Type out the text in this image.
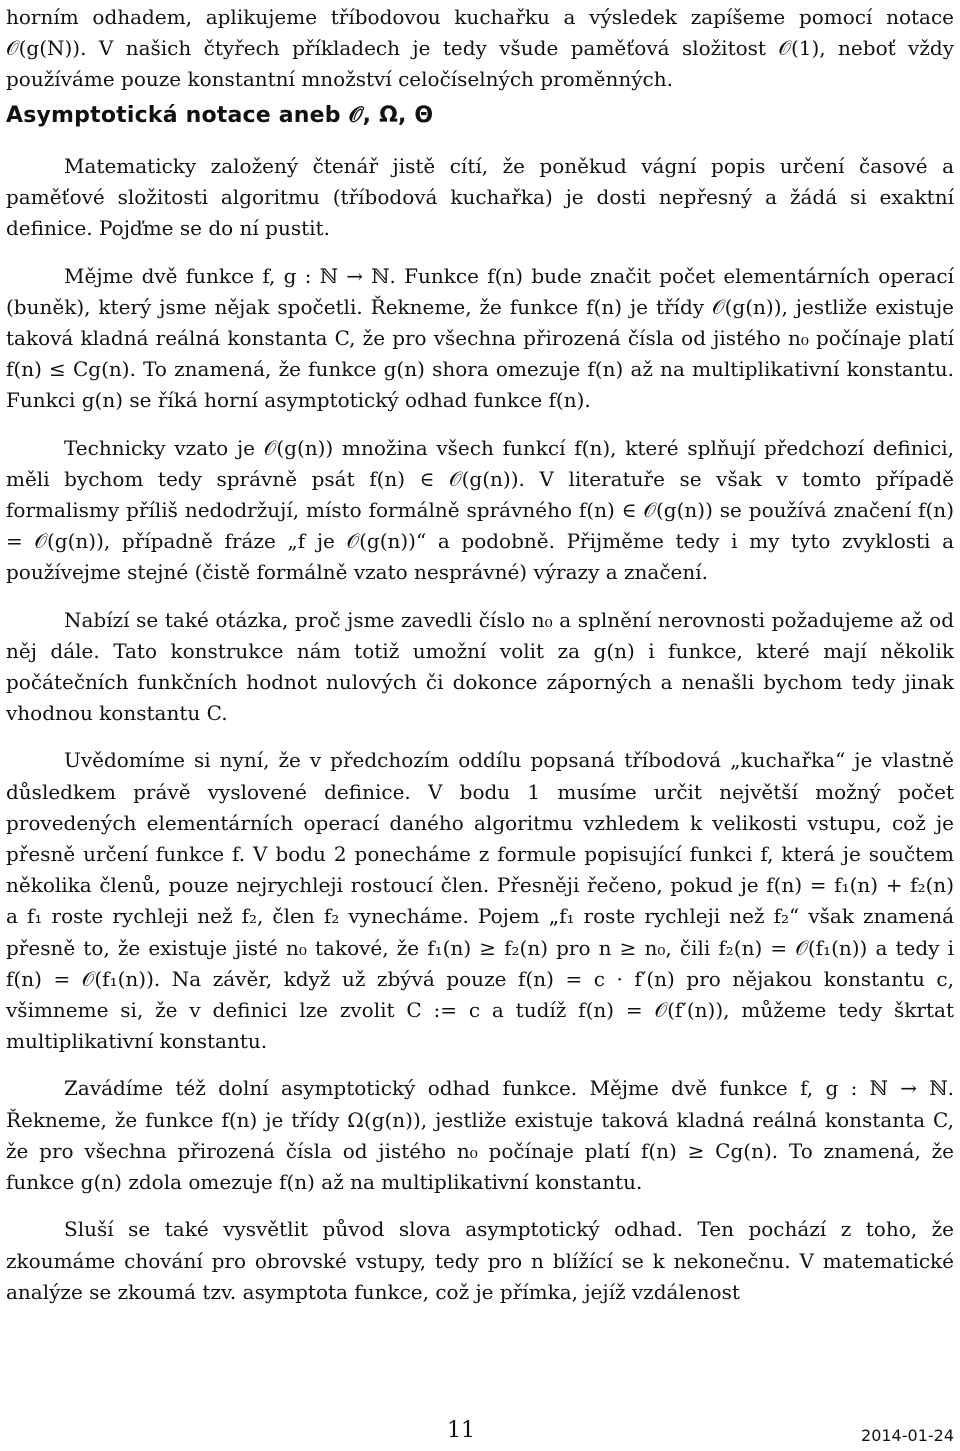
horním odhadem, aplikujeme tříbodovou kuchařku a výsledek zapíšeme pomocí notace 𝒪(g(N)). V našich čtyřech příkladech je tedy všude paměťová složitost 𝒪(1), neboť vždy používáme pouze konstantní množství celočíselných proměnných.
Asymptotická notace aneb 𝒪, Ω, Θ

Matematicky založený čtenář jistě cítí, že poněkud vágní popis určení časové a paměťové složitosti algoritmu (tříbodová kuchařka) je dosti nepřesný a žádá si exaktní definice. Pojďme se do ní pustit.

Mějme dvě funkce f, g : ℕ → ℕ. Funkce f(n) bude značit počet elementárních operací (buněk), který jsme nějak spočetli. Řekneme, že funkce f(n) je třídy 𝒪(g(n)), jestliže existuje taková kladná reálná konstanta C, že pro všechna přirozená čísla od jistého n₀ počínaje platí f(n) ≤ Cg(n). To znamená, že funkce g(n) shora omezuje f(n) až na multiplikativní konstantu. Funkci g(n) se říká horní asymptotický odhad funkce f(n).

Technicky vzato je 𝒪(g(n)) množina všech funkcí f(n), které splňují předchozí definici, měli bychom tedy správně psát f(n) ∈ 𝒪(g(n)). V literatuře se však v tomto případě formalismy příliš nedodržují, místo formálně správného f(n) ∈ 𝒪(g(n)) se používá značení f(n) = 𝒪(g(n)), případně fráze „f je 𝒪(g(n))“ a podobně. Přijměme tedy i my tyto zvyklosti a používejme stejné (čistě formálně vzato nesprávné) výrazy a značení.

Nabízí se také otázka, proč jsme zavedli číslo n₀ a splnění nerovnosti požadujeme až od něj dále. Tato konstrukce nám totiž umožní volit za g(n) i funkce, které mají několik počátečních funkčních hodnot nulových či dokonce záporných a nenašli bychom tedy jinak vhodnou konstantu C.

Uvědomíme si nyní, že v předchozím oddílu popsaná tříbodová „kuchařka“ je vlastně důsledkem právě vyslovené definice. V bodu 1 musíme určit největší možný počet provedených elementárních operací daného algoritmu vzhledem k velikosti vstupu, což je přesně určení funkce f. V bodu 2 ponecháme z formule popisující funkci f, která je součtem několika členů, pouze nejrychleji rostoucí člen. Přesněji řečeno, pokud je f(n) = f₁(n) + f₂(n) a f₁ roste rychleji než f₂, člen f₂ vynecháme. Pojem „f₁ roste rychleji než f₂“ však znamená přesně to, že existuje jisté n₀ takové, že f₁(n) ≥ f₂(n) pro n ≥ n₀, čili f₂(n) = 𝒪(f₁(n)) a tedy i f(n) = 𝒪(f₁(n)). Na závěr, když už zbývá pouze f(n) = c · f′(n) pro nějakou konstantu c, všimneme si, že v definici lze zvolit C := c a tudíž f(n) = 𝒪(f′(n)), můžeme tedy škrtat multiplikativní konstantu.

Zavádíme též dolní asymptotický odhad funkce. Mějme dvě funkce f, g : ℕ → ℕ. Řekneme, že funkce f(n) je třídy Ω(g(n)), jestliže existuje taková kladná reálná konstanta C, že pro všechna přirozená čísla od jistého n₀ počínaje platí f(n) ≥ Cg(n). To znamená, že funkce g(n) zdola omezuje f(n) až na multiplikativní konstantu.

Sluší se také vysvětlit původ slova asymptotický odhad. Ten pochází z toho, že zkoumáme chování pro obrovské vstupy, tedy pro n blížící se k nekonečnu. V matematické analýze se zkoumá tzv. asymptota funkce, což je přímka, jejíž vzdálenost

11	2014-01-24
